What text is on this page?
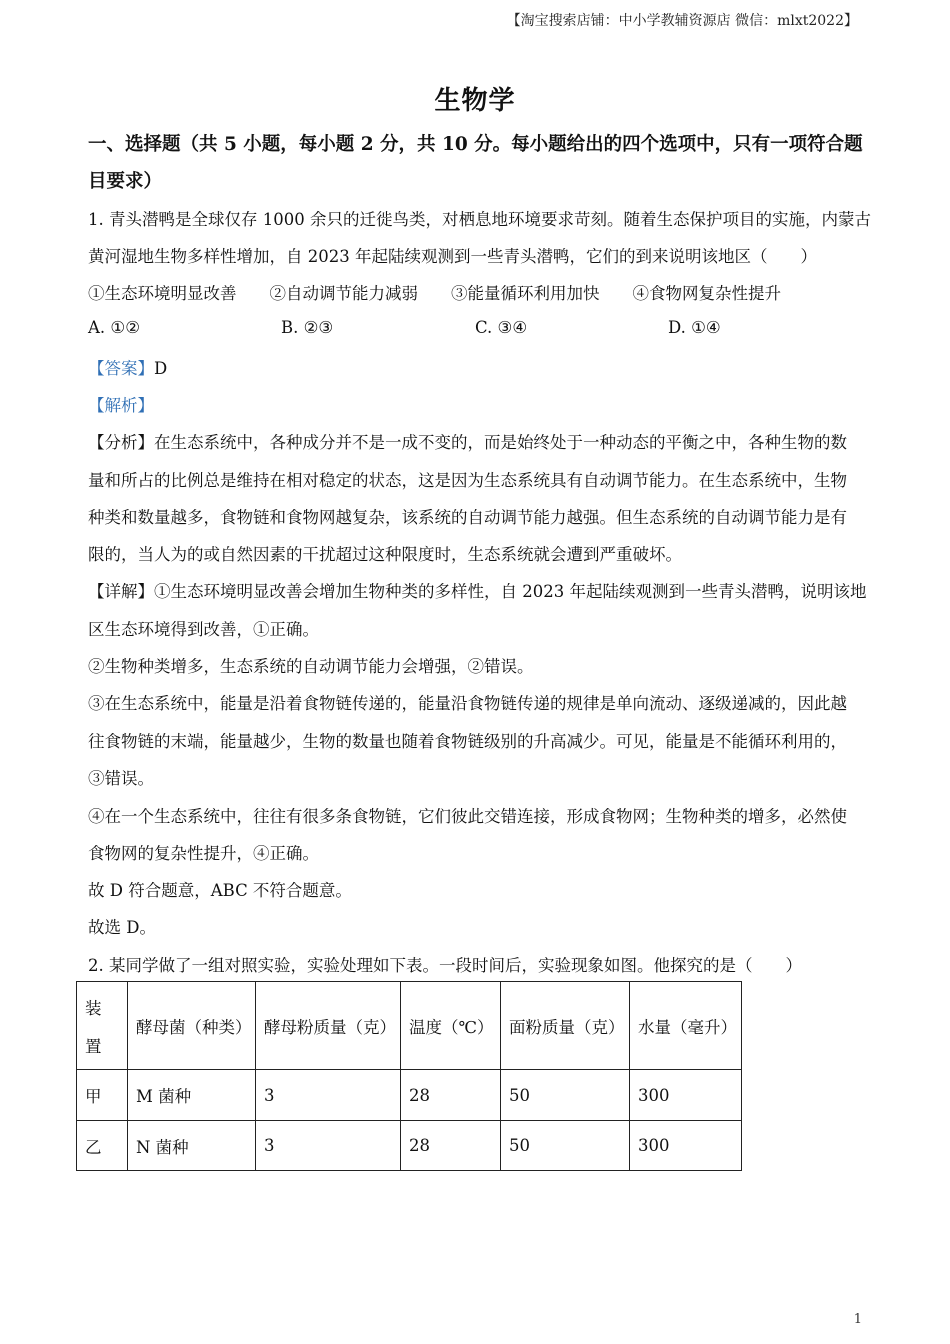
【淘宝搜索店铺：中小学教辅资源店 微信：mlxt2022】
生物学
一、选择题（共 5 小题，每小题 2 分，共 10 分。每小题给出的四个选项中，只有一项符合题
目要求）
1. 青头潜鸭是全球仅存 1000 余只的迁徙鸟类，对栖息地环境要求苛刻。随着生态保护项目的实施，内蒙古
黄河湿地生物多样性增加，自 2023 年起陆续观测到一些青头潜鸭，它们的到来说明该地区（　　）
①生态环境明显改善　　②自动调节能力减弱　　③能量循环利用加快　　④食物网复杂性提升
A. ①②	B. ②③	C. ③④	D. ①④
【答案】D
【解析】
【分析】在生态系统中，各种成分并不是一成不变的，而是始终处于一种动态的平衡之中，各种生物的数
量和所占的比例总是维持在相对稳定的状态，这是因为生态系统具有自动调节能力。在生态系统中，生物
种类和数量越多，食物链和食物网越复杂，该系统的自动调节能力越强。但生态系统的自动调节能力是有
限的，当人为的或自然因素的干扰超过这种限度时，生态系统就会遭到严重破坏。
【详解】①生态环境明显改善会增加生物种类的多样性，自 2023 年起陆续观测到一些青头潜鸭，说明该地
区生态环境得到改善，①正确。
②生物种类增多，生态系统的自动调节能力会增强，②错误。
③在生态系统中，能量是沿着食物链传递的，能量沿食物链传递的规律是单向流动、逐级递减的，因此越
往食物链的末端，能量越少，生物的数量也随着食物链级别的升高减少。可见，能量是不能循环利用的，
③错误。
④在一个生态系统中，往往有很多条食物链，它们彼此交错连接，形成食物网；生物种类的增多，必然使
食物网的复杂性提升，④正确。
故 D 符合题意，ABC 不符合题意。
故选 D。
2. 某同学做了一组对照实验，实验处理如下表。一段时间后，实验现象如图。他探究的是（　　）
装
置	酵母菌（种类）	酵母粉质量（克）	温度（℃）	面粉质量（克）	水量（毫升）
甲	M 菌种	3	28	50	300
乙	N 菌种	3	28	50	300
1
